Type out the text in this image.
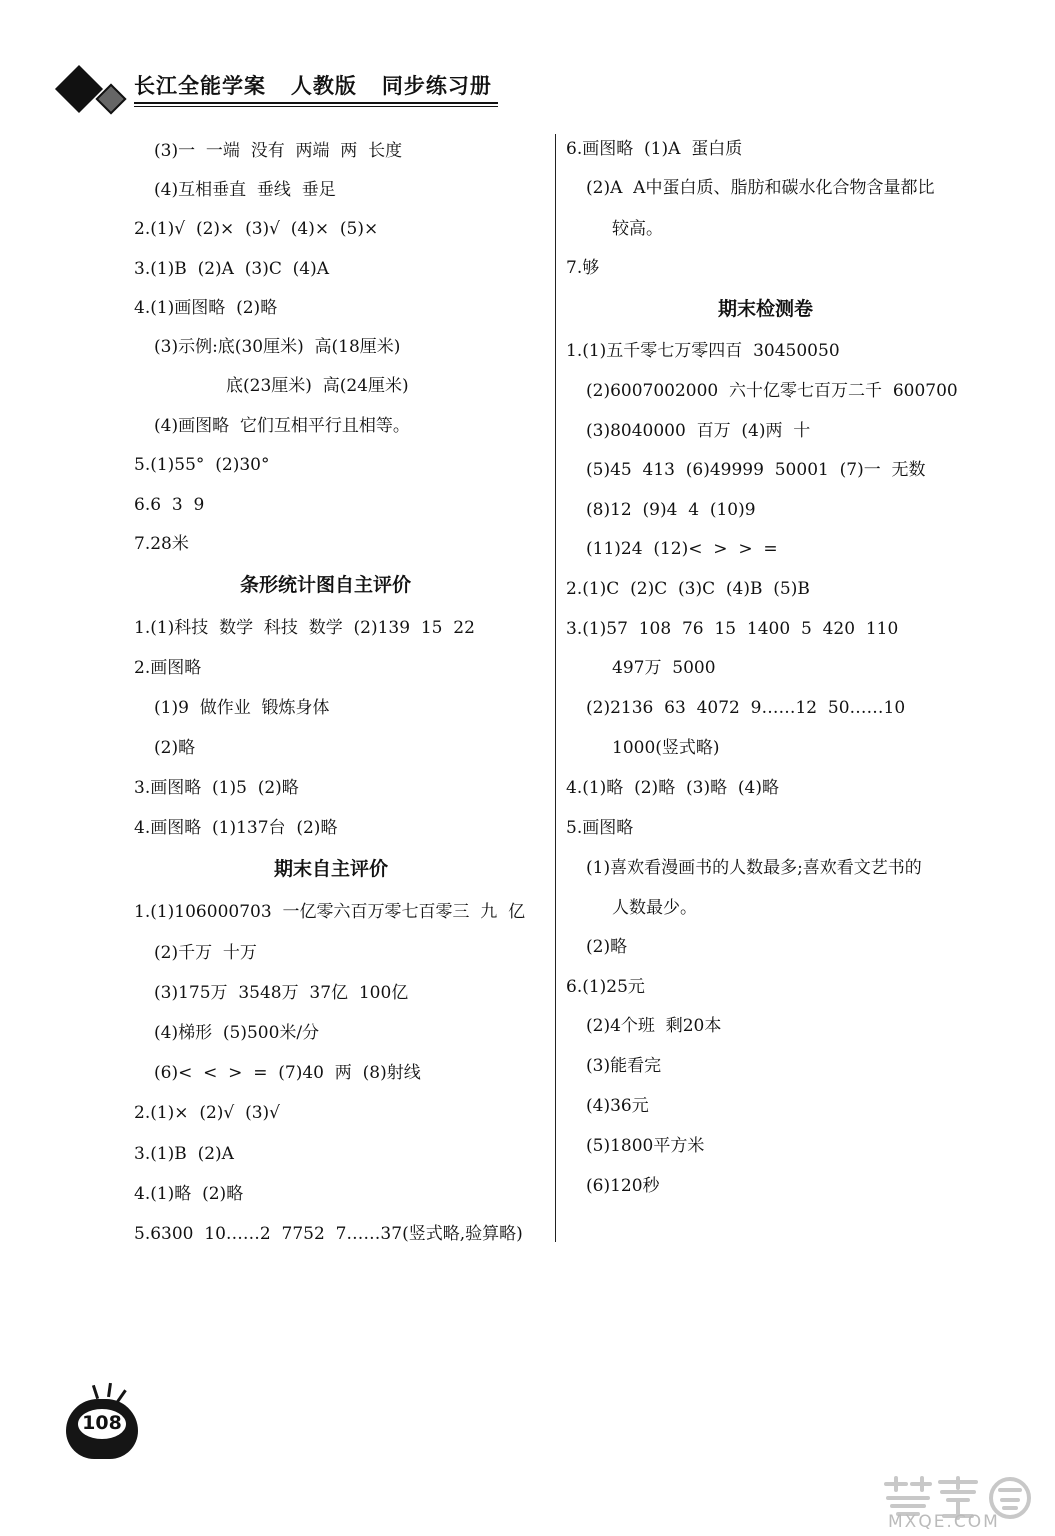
长江全能学案   人教版   同步练习册
(3)一  一端  没有  两端  两  长度
(4)互相垂直  垂线  垂足
2.(1)√  (2)×  (3)√  (4)×  (5)×
3.(1)B  (2)A  (3)C  (4)A
4.(1)画图略  (2)略
(3)示例:底(30厘米)  高(18厘米)
底(23厘米)  高(24厘米)
(4)画图略  它们互相平行且相等。
5.(1)55°  (2)30°
6.6  3  9
7.28米
条形统计图自主评价
1.(1)科技  数学  科技  数学  (2)139  15  22
2.画图略
(1)9  做作业  锻炼身体
(2)略
3.画图略  (1)5  (2)略
4.画图略  (1)137台  (2)略
期末自主评价
1.(1)106000703  一亿零六百万零七百零三  九  亿
(2)千万  十万
(3)175万  3548万  37亿  100亿
(4)梯形  (5)500米/分
(6)<  <  >  =  (7)40  两  (8)射线
2.(1)×  (2)√  (3)√
3.(1)B  (2)A
4.(1)略  (2)略
5.6300  10……2  7752  7……37(竖式略,验算略)
6.画图略  (1)A  蛋白质
(2)A  A中蛋白质、脂肪和碳水化合物含量都比
较高。
7.够
期末检测卷
1.(1)五千零七万零四百  30450050
(2)6007002000  六十亿零七百万二千  600700
(3)8040000  百万  (4)两  十
(5)45  413  (6)49999  50001  (7)一  无数
(8)12  (9)4  4  (10)9
(11)24  (12)<  >  >  =
2.(1)C  (2)C  (3)C  (4)B  (5)B
3.(1)57  108  76  15  1400  5  420  110
497万  5000
(2)2136  63  4072  9……12  50……10
1000(竖式略)
4.(1)略  (2)略  (3)略  (4)略
5.画图略
(1)喜欢看漫画书的人数最多;喜欢看文艺书的
人数最少。
(2)略
6.(1)25元
(2)4个班  剩20本
(3)能看完
(4)36元
(5)1800平方米
(6)120秒
108
MXQE.COM
